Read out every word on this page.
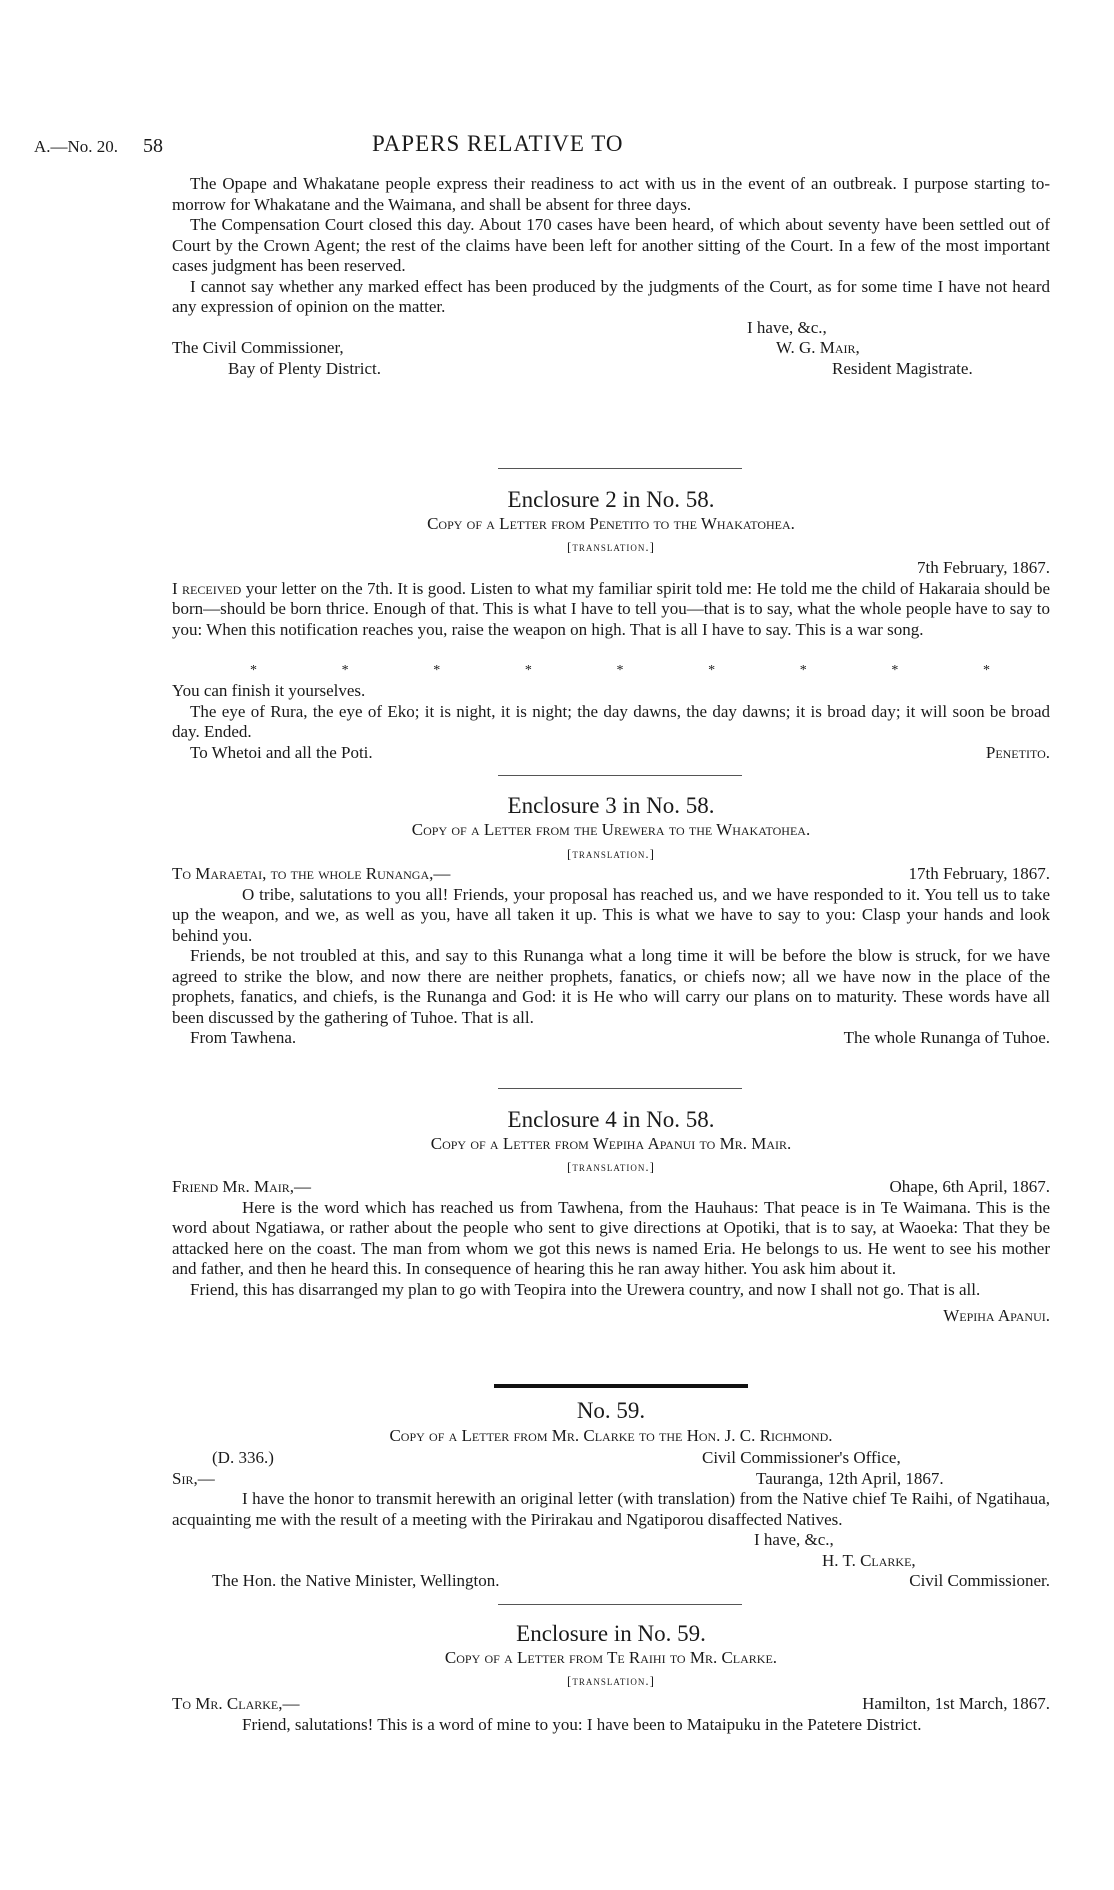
A.—No. 20. 58	PAPERS RELATIVE TO

The Opape and Whakatane people express their readiness to act with us in the event of an outbreak. I purpose starting to-morrow for Whakatane and the Waimana, and shall be absent for three days.

The Compensation Court closed this day. About 170 cases have been heard, of which about seventy have been settled out of Court by the Crown Agent; the rest of the claims have been left for another sitting of the Court. In a few of the most important cases judgment has been reserved.

I cannot say whether any marked effect has been produced by the judgments of the Court, as for some time I have not heard any expression of opinion on the matter.

I have, &c.,
The Civil Commissioner,	W. G. Mair,
Bay of Plenty District.	Resident Magistrate.
Enclosure 2 in No. 58.
Copy of a Letter from Penetito to the Whakatohea.
[translation.]
7th February, 1867.

I received your letter on the 7th. It is good. Listen to what my familiar spirit told me: He told me the child of Hakaraia should be born—should be born thrice. Enough of that. This is what I have to tell you—that is to say, what the whole people have to say to you: When this notification reaches you, raise the weapon on high. That is all I have to say. This is a war song.

*	*	*	*	*	*	*	*	*

You can finish it yourselves.

The eye of Rura, the eye of Eko; it is night, it is night; the day dawns, the day dawns; it is broad day; it will soon be broad day. Ended.

To Whetoi and all the Poti.	Penetito.
Enclosure 3 in No. 58.
Copy of a Letter from the Urewera to the Whakatohea.
[translation.]
To Maraetai, to the whole Runanga,—	17th February, 1867.

O tribe, salutations to you all! Friends, your proposal has reached us, and we have responded to it. You tell us to take up the weapon, and we, as well as you, have all taken it up. This is what we have to say to you: Clasp your hands and look behind you.

Friends, be not troubled at this, and say to this Runanga what a long time it will be before the blow is struck, for we have agreed to strike the blow, and now there are neither prophets, fanatics, or chiefs now; all we have now in the place of the prophets, fanatics, and chiefs, is the Runanga and God: it is He who will carry our plans on to maturity. These words have all been discussed by the gathering of Tuhoe. That is all.

From Tawhena.	The whole Runanga of Tuhoe.
Enclosure 4 in No. 58.
Copy of a Letter from Wepiha Apanui to Mr. Mair.
[translation.]
Friend Mr. Mair,—	Ohape, 6th April, 1867.

Here is the word which has reached us from Tawhena, from the Hauhaus: That peace is in Te Waimana. This is the word about Ngatiawa, or rather about the people who sent to give directions at Opotiki, that is to say, at Waoeka: That they be attacked here on the coast. The man from whom we got this news is named Eria. He belongs to us. He went to see his mother and father, and then he heard this. In consequence of hearing this he ran away hither. You ask him about it.

Friend, this has disarranged my plan to go with Teopira into the Urewera country, and now I shall not go. That is all.

Wepiha Apanui.
No. 59.
Copy of a Letter from Mr. Clarke to the Hon. J. C. Richmond.
(D. 336.)	Civil Commissioner's Office,
Sir,—	Tauranga, 12th April, 1867.

I have the honor to transmit herewith an original letter (with translation) from the Native chief Te Raihi, of Ngatihaua, acquainting me with the result of a meeting with the Pirirakau and Ngatiporou disaffected Natives.

I have, &c.,
H. T. Clarke,
The Hon. the Native Minister, Wellington.	Civil Commissioner.
Enclosure in No. 59.
Copy of a Letter from Te Raihi to Mr. Clarke.
[translation.]
To Mr. Clarke,—	Hamilton, 1st March, 1867.

Friend, salutations! This is a word of mine to you: I have been to Mataipuku in the Patetere District.
